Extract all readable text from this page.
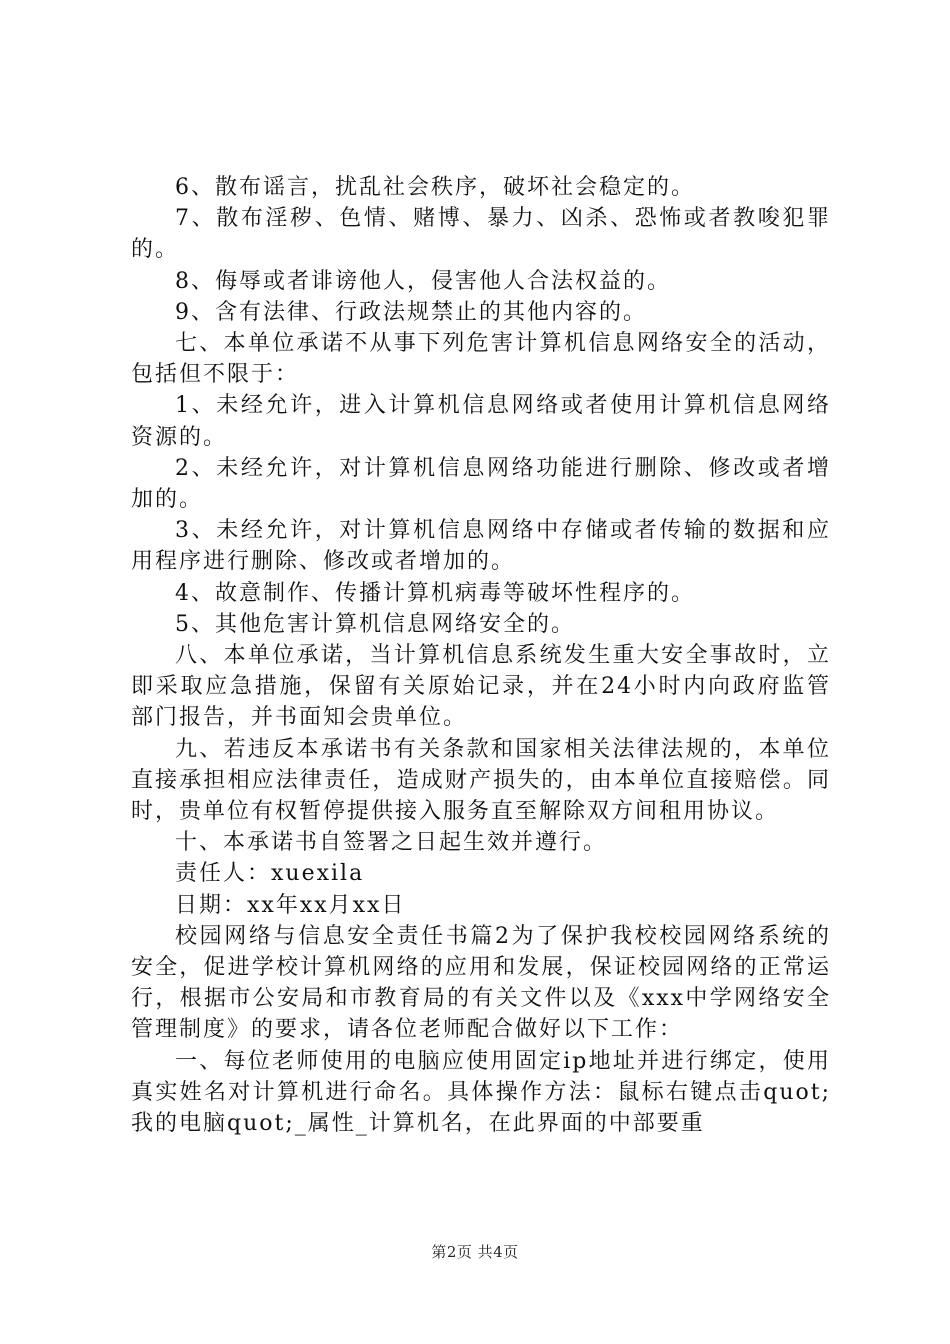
6、散布谣言，扰乱社会秩序，破坏社会稳定的。

7、散布淫秽、色情、赌博、暴力、凶杀、恐怖或者教唆犯罪的。

8、侮辱或者诽谤他人，侵害他人合法权益的。

9、含有法律、行政法规禁止的其他内容的。

七、本单位承诺不从事下列危害计算机信息网络安全的活动，包括但不限于：

1、未经允许，进入计算机信息网络或者使用计算机信息网络资源的。

2、未经允许，对计算机信息网络功能进行删除、修改或者增加的。

3、未经允许，对计算机信息网络中存储或者传输的数据和应用程序进行删除、修改或者增加的。

4、故意制作、传播计算机病毒等破坏性程序的。

5、其他危害计算机信息网络安全的。

八、本单位承诺，当计算机信息系统发生重大安全事故时，立即采取应急措施，保留有关原始记录，并在24小时内向政府监管部门报告，并书面知会贵单位。

九、若违反本承诺书有关条款和国家相关法律法规的，本单位直接承担相应法律责任，造成财产损失的，由本单位直接赔偿。同时，贵单位有权暂停提供接入服务直至解除双方间租用协议。

十、本承诺书自签署之日起生效并遵行。

责任人：xuexila

日期：xx年xx月xx日

校园网络与信息安全责任书篇2为了保护我校校园网络系统的安全，促进学校计算机网络的应用和发展，保证校园网络的正常运行，根据市公安局和市教育局的有关文件以及《xxx中学网络安全管理制度》的要求，请各位老师配合做好以下工作：

一、每位老师使用的电脑应使用固定ip地址并进行绑定，使用真实姓名对计算机进行命名。具体操作方法：鼠标右键点击quot;我的电脑quot;_属性_计算机名，在此界面的中部要重

第2页 共4页
